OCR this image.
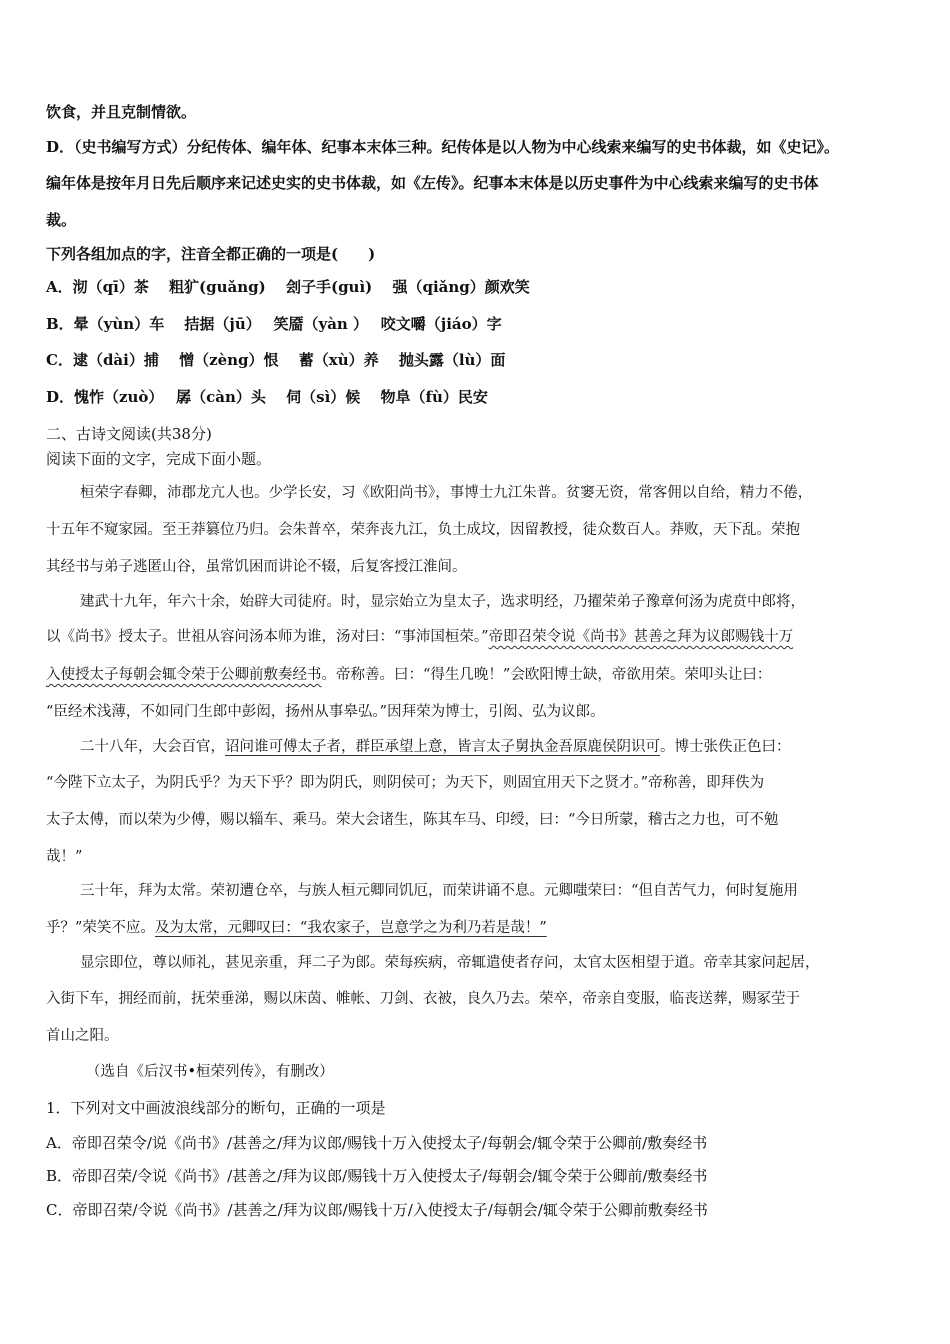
饮食，并且克制情欲。
D．（史书编写方式）分纪传体、编年体、纪事本末体三种。纪传体是以人物为中心线索来编写的史书体裁，如《史记》。
编年体是按年月日先后顺序来记述史实的史书体裁，如《左传》。纪事本末体是以历史事件为中心线索来编写的史书体
裁。
下列各组加点的字，注音全都正确的一项是(　　)
A．沏（qī）茶　 粗犷(guǎng)　 刽子手(guì)　 强（qiǎng）颜欢笑
B．晕（yùn）车　 拮据（jū）　 笑靥（yàn ）　 咬文嚼（jiáo）字
C．逮（dài）捕　 憎（zèng）恨　 蓄（xù）养　 抛头露（lù）面
D．愧怍（zuò）　 孱（càn）头　 伺（sì）候　 物阜（fù）民安
二、古诗文阅读(共38分)
阅读下面的文字，完成下面小题。
桓荣字春卿，沛郡龙亢人也。少学长安，习《欧阳尚书》，事博士九江朱普。贫窭无资，常客佣以自给，精力不倦，
十五年不窥家园。至王莽篡位乃归。会朱普卒，荣奔丧九江，负土成坟，因留教授，徒众数百人。莽败，天下乱。荣抱
其经书与弟子逃匿山谷，虽常饥困而讲论不辍，后复客授江淮间。
建武十九年，年六十余，始辟大司徒府。时，显宗始立为皇太子，选求明经，乃擢荣弟子豫章何汤为虎贲中郎将，
以《尚书》授太子。世祖从容问汤本师为谁，汤对曰：“事沛国桓荣。”帝即召荣令说《尚书》甚善之拜为议郎赐钱十万
入使授太子每朝会辄令荣于公卿前敷奏经书。帝称善。曰：“得生几晚！”会欧阳博士缺，帝欲用荣。荣叩头让曰：
“臣经术浅薄，不如同门生郎中彭闳，扬州从事皋弘。”因拜荣为博士，引闳、弘为议郎。
二十八年，大会百官，诏问谁可傅太子者，群臣承望上意，皆言太子舅执金吾原鹿侯阴识可。博士张佚正色曰：
“今陛下立太子，为阴氏乎？为天下乎？即为阴氏，则阴侯可；为天下，则固宜用天下之贤才。”帝称善，即拜佚为
太子太傅，而以荣为少傅，赐以辎车、乘马。荣大会诸生，陈其车马、印绶，曰：“今日所蒙，稽古之力也，可不勉
哉！”
三十年，拜为太常。荣初遭仓卒，与族人桓元卿同饥厄，而荣讲诵不息。元卿嗤荣曰：“但自苦气力，何时复施用
乎？”荣笑不应。及为太常，元卿叹曰：“我农家子，岂意学之为利乃若是哉！”
显宗即位，尊以师礼，甚见亲重，拜二子为郎。荣每疾病，帝辄遣使者存问，太官太医相望于道。帝幸其家问起居，
入街下车，拥经而前，抚荣垂涕，赐以床茵、帷帐、刀剑、衣被，良久乃去。荣卒，帝亲自变服，临丧送葬，赐冢茔于
首山之阳。
（选自《后汉书•桓荣列传》，有删改）
1．下列对文中画波浪线部分的断句，正确的一项是
A．帝即召荣令/说《尚书》/甚善之/拜为议郎/赐钱十万入使授太子/每朝会/辄令荣于公卿前/敷奏经书
B．帝即召荣/令说《尚书》/甚善之/拜为议郎/赐钱十万入使授太子/每朝会/辄令荣于公卿前/敷奏经书
C．帝即召荣/令说《尚书》/甚善之/拜为议郎/赐钱十万/入使授太子/每朝会/辄令荣于公卿前敷奏经书
